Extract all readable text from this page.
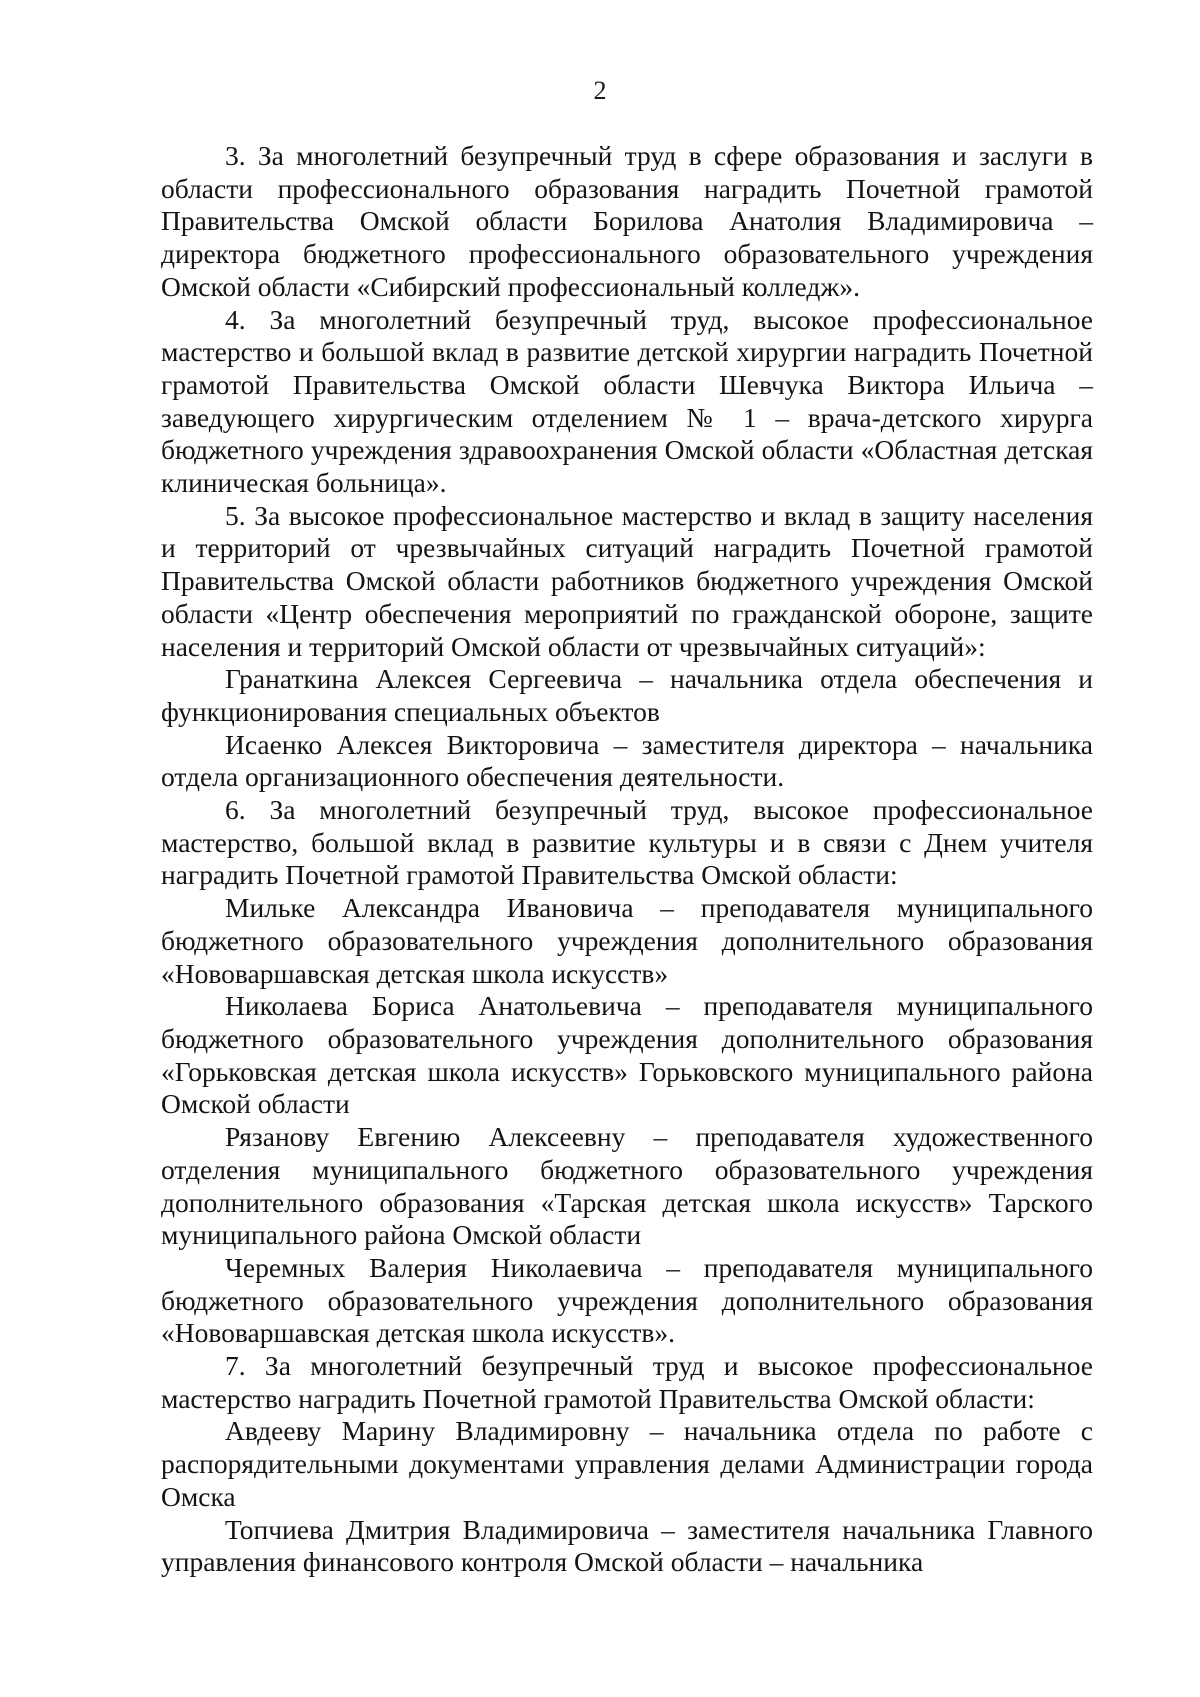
2

3. За многолетний безупречный труд в сфере образования и заслуги в области профессионального образования наградить Почетной грамотой Правительства Омской области Борилова Анатолия Владимировича – директора бюджетного профессионального образовательного учреждения Омской области «Сибирский профессиональный колледж».

4. За многолетний безупречный труд, высокое профессиональное мастерство и большой вклад в развитие детской хирургии наградить Почетной грамотой Правительства Омской области Шевчука Виктора Ильича – заведующего хирургическим отделением № 1 – врача-детского хирурга бюджетного учреждения здравоохранения Омской области «Областная детская клиническая больница».

5. За высокое профессиональное мастерство и вклад в защиту населения и территорий от чрезвычайных ситуаций наградить Почетной грамотой Правительства Омской области работников бюджетного учреждения Омской области «Центр обеспечения мероприятий по гражданской обороне, защите населения и территорий Омской области от чрезвычайных ситуаций»:

Гранаткина Алексея Сергеевича – начальника отдела обеспечения и функционирования специальных объектов

Исаенко Алексея Викторовича – заместителя директора – начальника отдела организационного обеспечения деятельности.

6. За многолетний безупречный труд, высокое профессиональное мастерство, большой вклад в развитие культуры и в связи с Днем учителя наградить Почетной грамотой Правительства Омской области:

Мильке Александра Ивановича – преподавателя муниципального бюджетного образовательного учреждения дополнительного образования «Нововаршавская детская школа искусств»

Николаева Бориса Анатольевича – преподавателя муниципального бюджетного образовательного учреждения дополнительного образования «Горьковская детская школа искусств» Горьковского муниципального района Омской области

Рязанову Евгению Алексеевну – преподавателя художественного отделения муниципального бюджетного образовательного учреждения дополнительного образования «Тарская детская школа искусств» Тарского муниципального района Омской области

Черемных Валерия Николаевича – преподавателя муниципального бюджетного образовательного учреждения дополнительного образования «Нововаршавская детская школа искусств».

7. За многолетний безупречный труд и высокое профессиональное мастерство наградить Почетной грамотой Правительства Омской области:

Авдееву Марину Владимировну – начальника отдела по работе с распорядительными документами управления делами Администрации города Омска

Топчиева Дмитрия Владимировича – заместителя начальника Главного управления финансового контроля Омской области – начальника
